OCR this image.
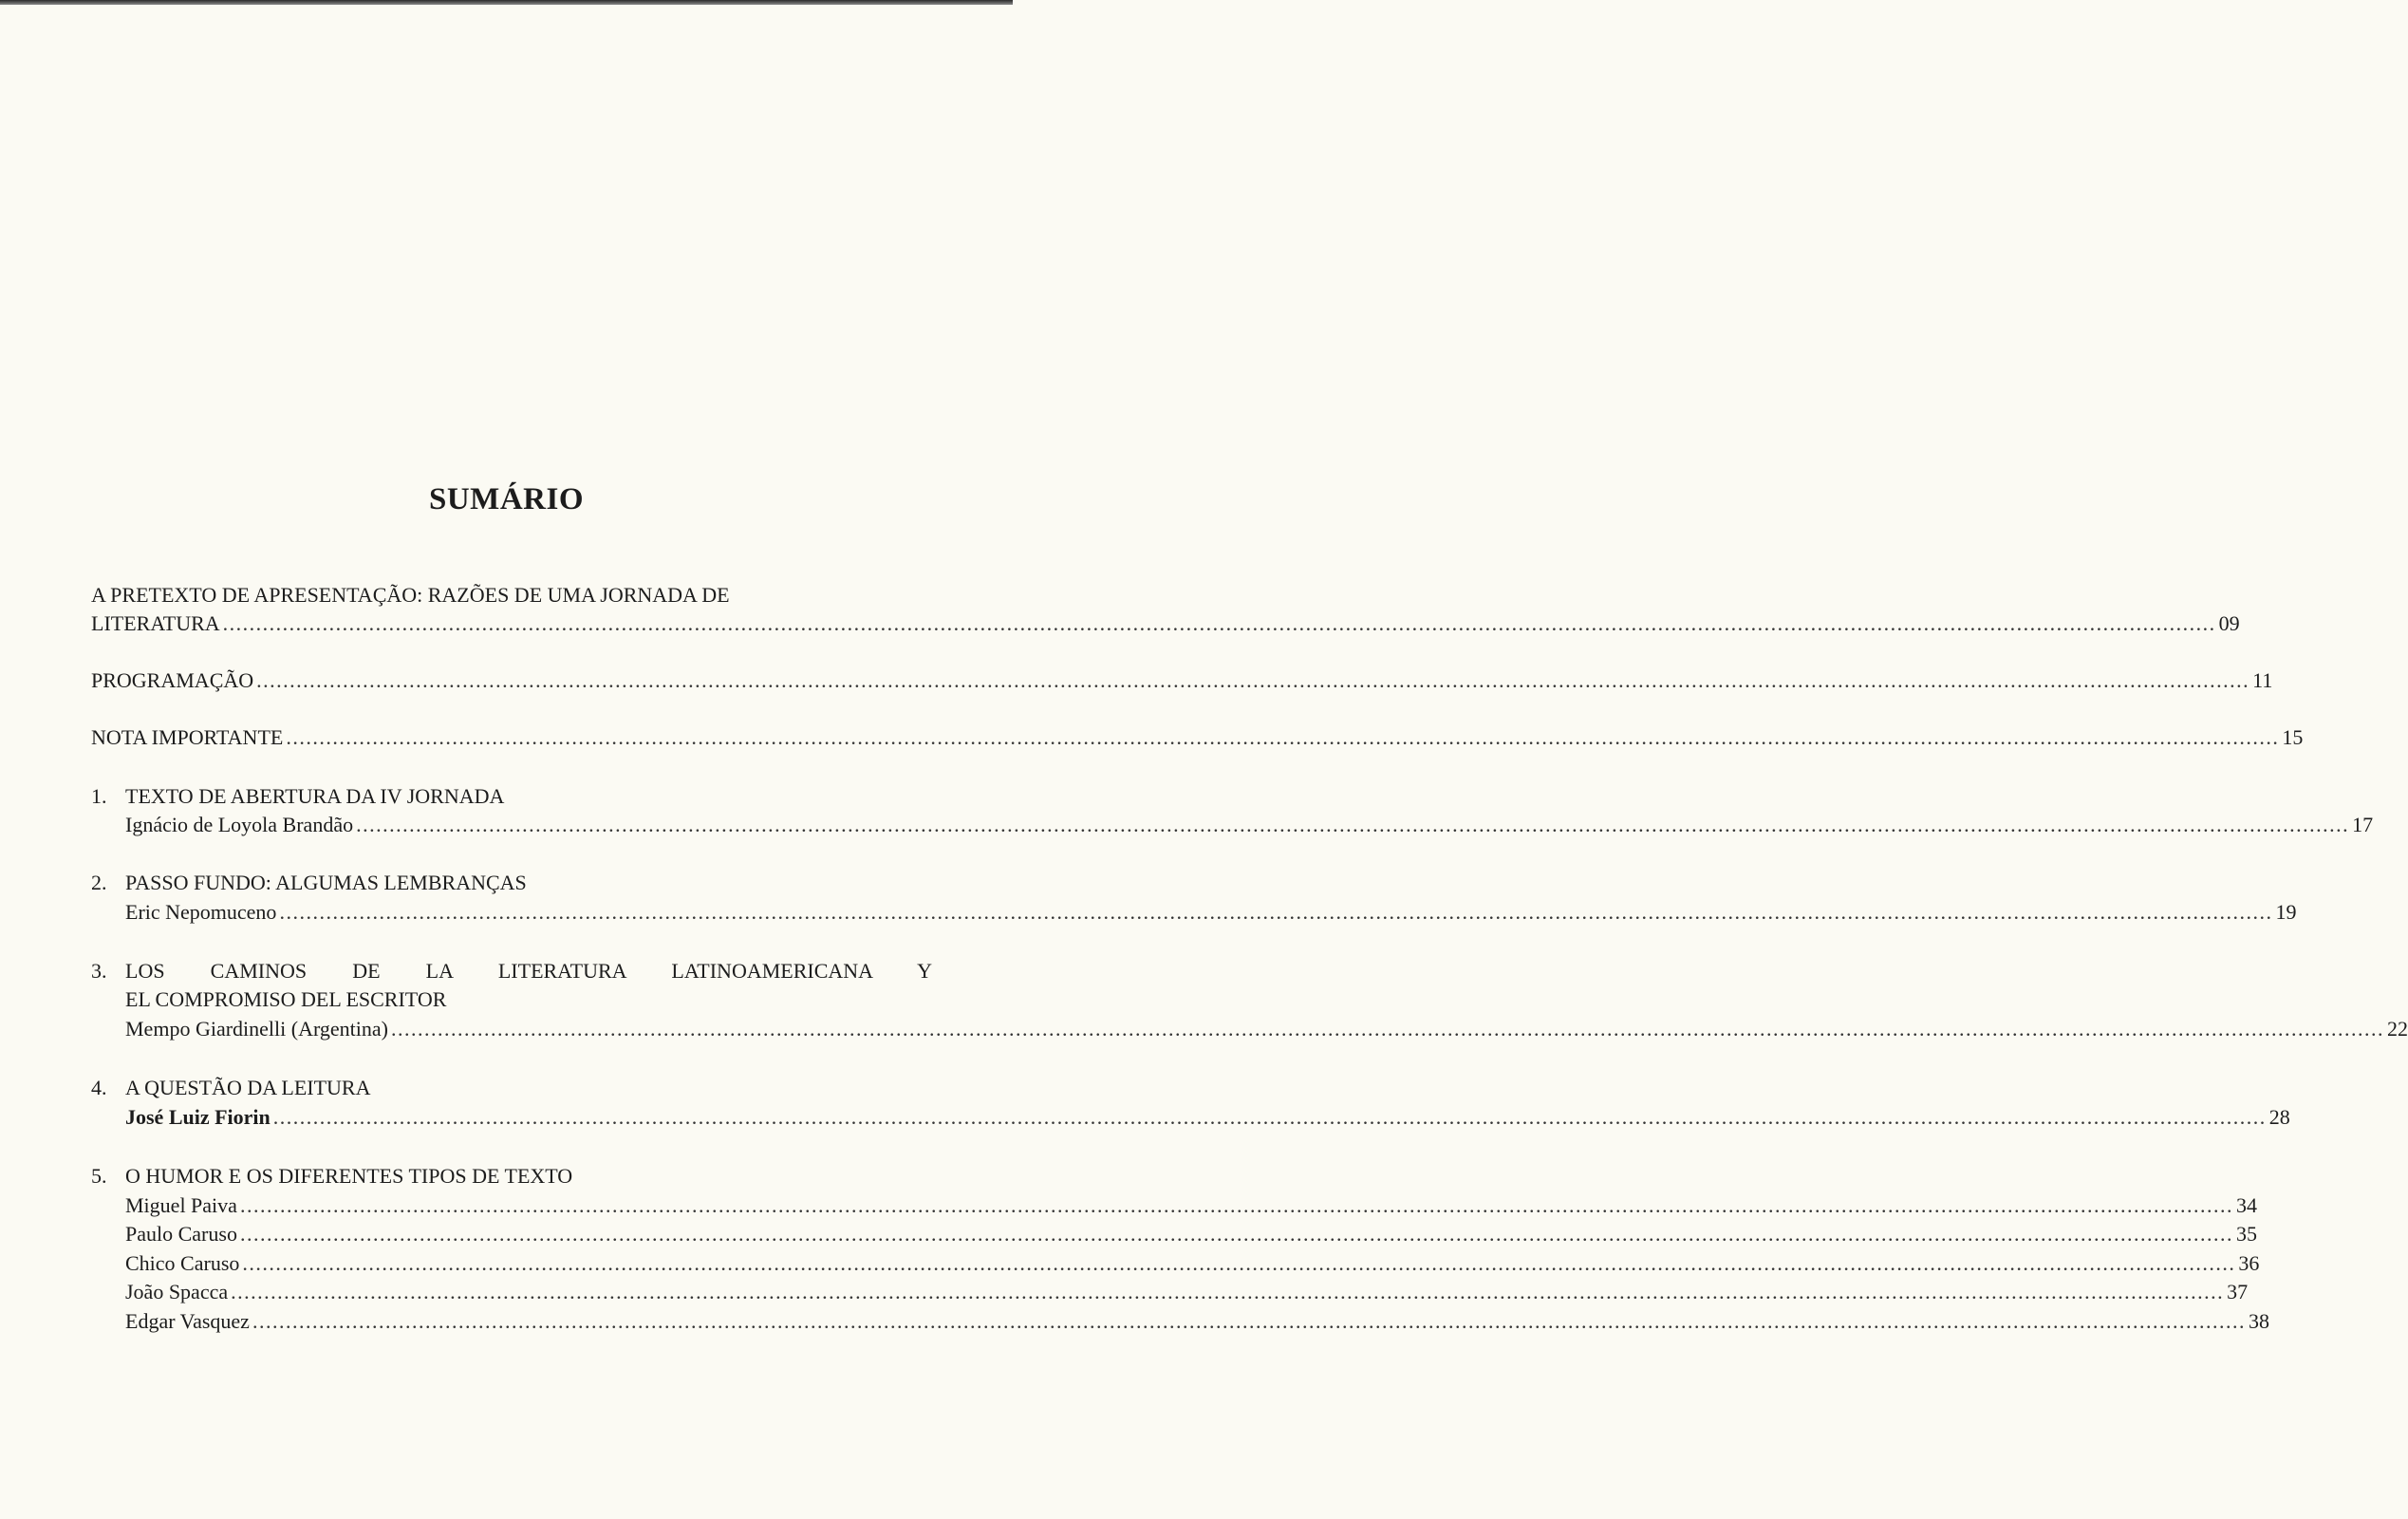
SUMÁRIO
A PRETEXTO DE APRESENTAÇÃO: RAZÕES DE UMA JORNADA DE
LITERATURA ............................................................................................................................................................................................................................................................................................................ 09
PROGRAMAÇÃO ............................................................................................................................................................................................................................................................................................................ 11
NOTA IMPORTANTE ............................................................................................................................................................................................................................................................................................................ 15
1. TEXTO DE ABERTURA DA IV JORNADA
Ignácio de Loyola Brandão ............................................................................................................................................................................................................................................................................................................ 17
2. PASSO FUNDO: ALGUMAS LEMBRANÇAS
Eric Nepomuceno ............................................................................................................................................................................................................................................................................................................ 19
3. LOS CAMINOS DE LA LITERATURA LATINOAMERICANA Y
EL COMPROMISO DEL ESCRITOR
Mempo Giardinelli (Argentina) ............................................................................................................................................................................................................................................................................................................ 22
4. A QUESTÃO DA LEITURA
José Luiz Fiorin ............................................................................................................................................................................................................................................................................................................ 28
5. O HUMOR E OS DIFERENTES TIPOS DE TEXTO
Miguel Paiva ............................................................................................................................................................................................................................................................................................................ 34
Paulo Caruso ............................................................................................................................................................................................................................................................................................................ 35
Chico Caruso ............................................................................................................................................................................................................................................................................................................ 36
João Spacca ............................................................................................................................................................................................................................................................................................................ 37
Edgar Vasquez ............................................................................................................................................................................................................................................................................................................ 38
